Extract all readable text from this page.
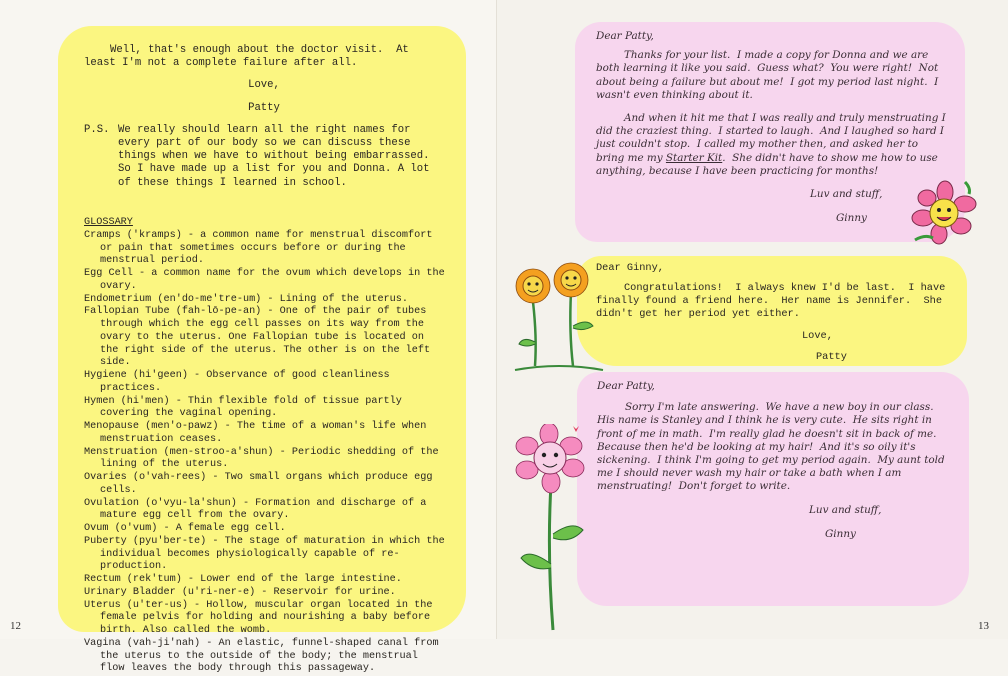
Well, that's enough about the doctor visit.  At least I'm not a complete failure after all.

Love,

Patty

P.S. We really should learn all the right names for every part of our body so we can discuss these things when we have to without being embarrassed. So I have made up a list for you and Donna. A lot of these things I learned in school.

GLOSSARY

Cramps ('kramps) - a common name for menstrual discomfort or pain that sometimes occurs before or during the menstrual period.

Egg Cell - a common name for the ovum which develops in the ovary.

Endometrium (en'do-me'tre-um) - Lining of the uterus.

Fallopian Tube (fah-lō-pe-an) - One of the pair of tubes through which the egg cell passes on its way from the ovary to the uterus. One Fallopian tube is located on the right side of the uterus. The other is on the left side.

Hygiene (hi'geen) - Observance of good cleanliness practices.

Hymen (hi'men) - Thin flexible fold of tissue partly covering the vaginal opening.

Menopause (men'o-pawz) - The time of a woman's life when menstruation ceases.

Menstruation (men-stroo-a'shun) - Periodic shedding of the lining of the uterus.

Ovaries (o'vah-rees) - Two small organs which produce egg cells.

Ovulation (o'vyu-la'shun) - Formation and discharge of a mature egg cell from the ovary.

Ovum (o'vum) - A female egg cell.

Puberty (pyu'ber-te) - The stage of maturation in which the individual becomes physiologically capable of re- production.

Rectum (rek'tum) - Lower end of the large intestine.

Urinary Bladder (u'ri-ner-e) - Reservoir for urine.

Uterus (u'ter-us) - Hollow, muscular organ located in the female pelvis for holding and nourishing a baby before birth. Also called the womb.

Vagina (vah-ji'nah) - An elastic, funnel-shaped canal from the uterus to the outside of the body; the menstrual flow leaves the body through this passageway.

12

Dear Patty,

Thanks for your list.  I made a copy for Donna and we are both learning it like you said.  Guess what?  You were right!  Not about being a failure but about me!  I got my period last night.  I wasn't even thinking about it.

And when it hit me that I was really and truly menstruating I did the craziest thing.  I started to laugh.  And I laughed so hard I just couldn't stop.  I called my mother then, and asked her to bring me my Starter Kit.  She didn't have to show me how to use anything, because I have been practicing for months!

Luv and stuff,

Ginny

Dear Ginny,

Congratulations!  I always knew I'd be last.  I have finally found a friend here.  Her name is Jennifer.  She didn't get her period yet either.

Love,

Patty

Dear Patty,

Sorry I'm late answering.  We have a new boy in our class.  His name is Stanley and I think he is very cute.  He sits right in front of me in math.  I'm really glad he doesn't sit in back of me.  Because then he'd be looking at my hair!  And it's so oily it's sickening.  I think I'm going to get my period again.  My aunt told me I should never wash my hair or take a bath when I am menstruating!  Don't forget to write.

Luv and stuff,

Ginny

13
